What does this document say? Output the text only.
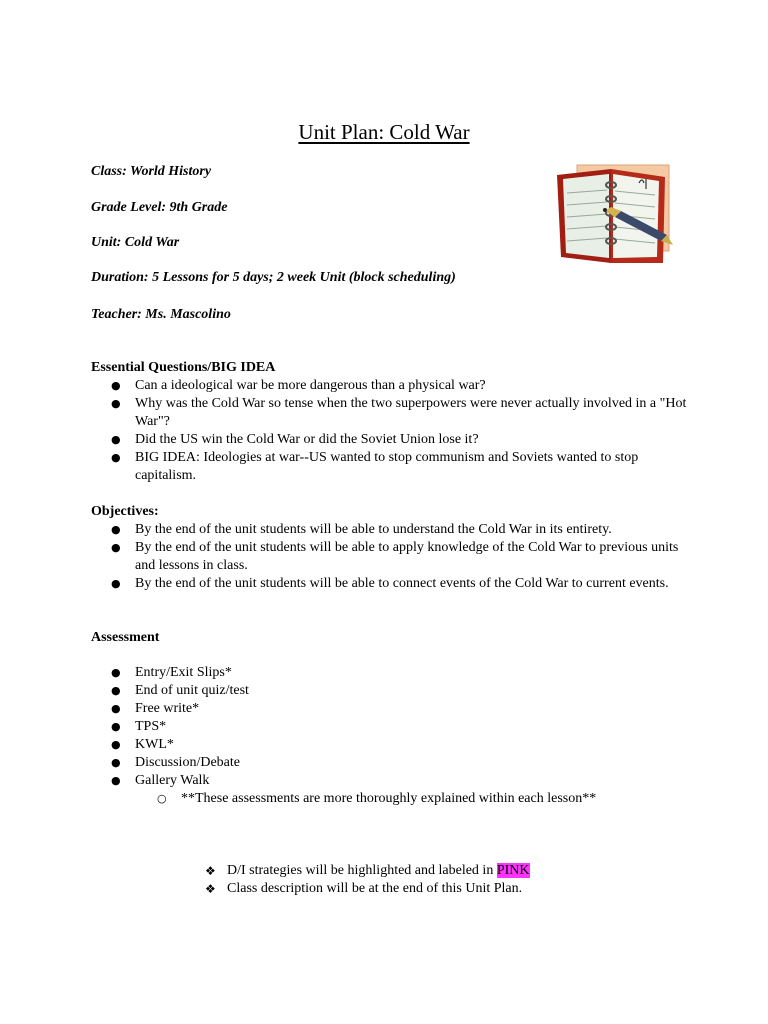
Unit Plan: Cold War
Class: World History
Grade Level: 9th Grade
Unit: Cold War
Duration: 5 Lessons for 5 days; 2 week Unit (block scheduling)
Teacher: Ms. Mascolino
Essential Questions/BIG IDEA
● Can a ideological war be more dangerous than a physical war?
● Why was the Cold War so tense when the two superpowers were never actually involved in a "Hot War"?
● Did the US win the Cold War or did the Soviet Union lose it?
● BIG IDEA: Ideologies at war--US wanted to stop communism and Soviets wanted to stop capitalism.
Objectives:
● By the end of the unit students will be able to understand the Cold War in its entirety.
● By the end of the unit students will be able to apply knowledge of the Cold War to previous units and lessons in class.
● By the end of the unit students will be able to connect events of the Cold War to current events.
Assessment
● Entry/Exit Slips*
● End of unit quiz/test
● Free write*
● TPS*
● KWL*
● Discussion/Debate
● Gallery Walk
○ **These assessments are more thoroughly explained within each lesson**
❖ D/I strategies will be highlighted and labeled in PINK
❖ Class description will be at the end of this Unit Plan.
